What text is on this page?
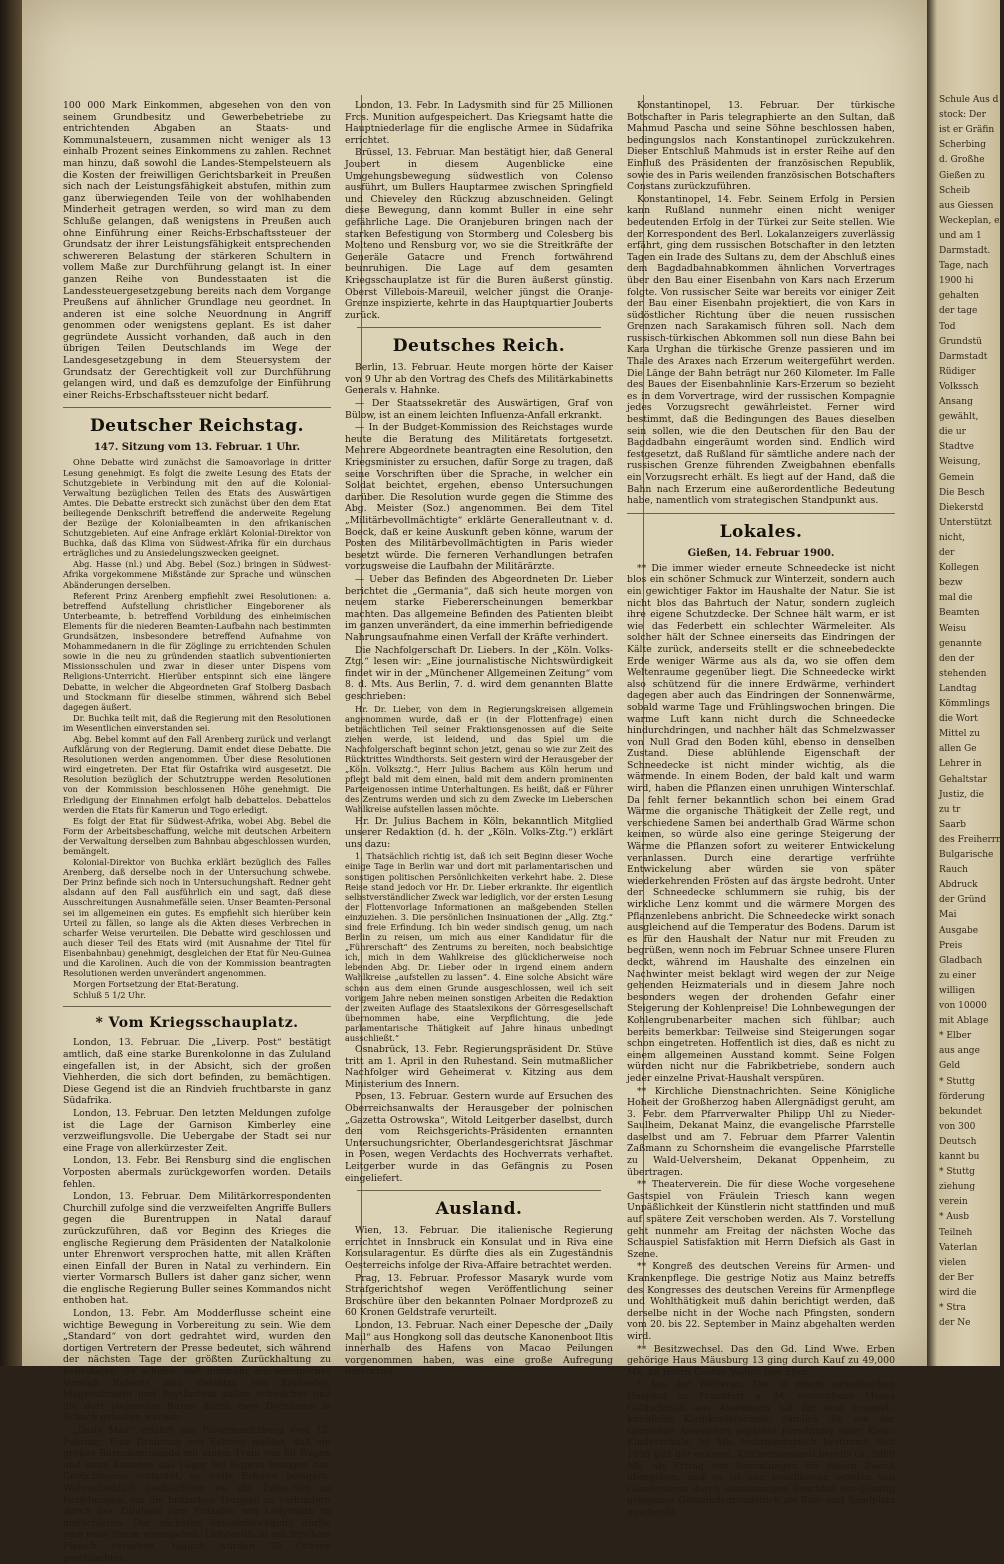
100 000 Mark Einkommen, abgesehen von den von seinem Grundbesitz und Gewerbebetriebe zu entrichtenden Abgaben an Staats- und Kommunalsteuern, zusammen nicht weniger als 13 einhalb Prozent seines Einkommens zu zahlen. Rechnet man hinzu, daß sowohl die Landes-Stempelsteuern als die Kosten der freiwilligen Gerichtsbarkeit in Preußen sich nach der Leistungsfähigkeit abstufen, mithin zum ganz überwiegenden Teile von der wohlhabenden Minderheit getragen werden, so wird man zu dem Schluße gelangen, daß wenigstens in Preußen auch ohne Einführung einer Reichs-Erbschaftssteuer der Grundsatz der ihrer Leistungsfähigkeit entsprechenden schwereren Belastung der stärkeren Schultern in vollem Maße zur Durchführung gelangt ist. In einer ganzen Reihe von Bundesstaaten ist die Landessteuergesetzgebung bereits nach dem Vorgange Preußens auf ähnlicher Grundlage neu geordnet. In anderen ist eine solche Neuordnung in Angriff genommen oder wenigstens geplant. Es ist daher gegründete Aussicht vorhanden, daß auch in den übrigen Teilen Deutschlands im Wege der Landesgesetzgebung in dem Steuersystem der Grundsatz der Gerechtigkeit voll zur Durchführung gelangen wird, und daß es demzufolge der Einführung einer Reichs-Erbschaftssteuer nicht bedarf.

Deutscher Reichstag.
147. Sitzung vom 13. Februar. 1 Uhr.

Ohne Debatte wird zunächst die Samoavorlage in dritter Lesung genehmigt. Es folgt die zweite Lesung des Etats der Schutzgebiete in Verbindung mit den auf die Kolonial-Verwaltung bezüglichen Teilen des Etats des Auswärtigen Amtes. Die Debatte erstreckt sich zunächst über den dem Etat beiliegende Denkschrift betreffend die anderweite Regelung der Bezüge der Kolonialbeamten in den afrikanischen Schutzgebieten. Auf eine Anfrage erklärt Kolonial-Direktor von Buchka, daß das Klima von Südwest-Afrika für ein durchaus erträgliches und zu Ansiedelungszwecken geeignet.

Abg. Hasse (nl.) und Abg. Bebel (Soz.) bringen in Südwest-Afrika vorgekommene Mißstände zur Sprache und wünschen Abänderungen derselben.

Referent Prinz Arenberg empfiehlt zwei Resolutionen: a. betreffend Aufstellung christlicher Eingeborener als Unterbeamte, b. betreffend Vorbildung des einheimischen Elements für die niederen Beamten-Laufbahn nach bestimmten Grundsätzen, insbesondere betreffend Aufnahme von Mohammedanern in die für Zöglinge zu errichtenden Schulen sowie in die neu zu gründenden staatlich subventionierten Missionsschulen und zwar in dieser unter Dispens vom Religions-Unterricht. Hierüber entspinnt sich eine längere Debatte, in welcher die Abgeordneten Graf Stolberg Dasbach und Stockmann für dieselbe stimmen, während sich Bebel dagegen äußert.

Dr. Buchka teilt mit, daß die Regierung mit den Resolutionen im Wesentlichen einverstanden sei.

Abg. Bebel kommt auf den Fall Arenberg zurück und verlangt Aufklärung von der Regierung. Damit endet diese Debatte. Die Resolutionen werden angenommen. Über diese Resolutionen wird eingetreten. Der Etat für Ostafrika wird ausgesetzt. Die Resolution bezüglich der Schutztruppe werden Resolutionen von der Kommission beschlossenen Höhe genehmigt. Die Erledigung der Einnahmen erfolgt halb debattelos. Debattelos werden die Etats für Kamerun und Togo erledigt.

Es folgt der Etat für Südwest-Afrika, wobei Abg. Bebel die Form der Arbeitsbeschaffung, welche mit deutschen Arbeitern der Verwaltung derselben zum Bahnbau abgeschlossen wurden, bemängelt.

Kolonial-Direktor von Buchka erklärt bezüglich des Falles Arenberg, daß derselbe noch in der Untersuchung schwebe. Der Prinz befinde sich noch in Untersuchungshaft. Redner geht alsdann auf den Fall ausführlich ein und sagt, daß diese Ausschreitungen Ausnahmefälle seien. Unser Beamten-Personal sei im allgemeinen ein gutes. Es empfiehlt sich hierüber kein Urteil zu fällen, so lange als die Akten dieses Verbrechen in scharfer Weise verurteilen. Die Debatte wird geschlossen und auch dieser Teil des Etats wird (mit Ausnahme der Titel für Eisenbahnbau) genehmigt, desgleichen der Etat für Neu-Guinea und die Karolinen. Auch die von der Kommission beantragten Resolutionen werden unverändert angenommen.

Morgen Fortsetzung der Etat-Beratung.

Schluß 5 1/2 Uhr.

* Vom Kriegsschauplatz.

London, 13. Februar. Die „Liverp. Post“ bestätigt amtlich, daß eine starke Burenkolonne in das Zululand eingefallen ist, in der Absicht, sich der großen Viehherden, die sich dort befinden, zu bemächtigen. Diese Gegend ist die an Rindvieh fruchtbarste in ganz Südafrika.

London, 13. Februar. Den letzten Meldungen zufolge ist die Lage der Garnison Kimberley eine verzweiflungsvolle. Die Uebergabe der Stadt sei nur eine Frage von allerkürzester Zeit.

London, 13. Febr. Bei Rensburg sind die englischen Vorposten abermals zurückgeworfen worden. Details fehlen.

London, 13. Februar. Dem Militärkorrespondenten Churchill zufolge sind die verzweifelten Angriffe Bullers gegen die Burentruppen in Natal darauf zurückzuführen, daß vor Beginn des Krieges die englische Regierung dem Präsidenten der Natalkolonie unter Ehrenwort versprochen hatte, mit allen Kräften einen Einfall der Buren in Natal zu verhindern. Ein vierter Vormarsch Bullers ist daher ganz sicher, wenn die englische Regierung Buller seines Kommandos nicht enthoben hat.

London, 13. Febr. Am Modderflusse scheint eine wichtige Bewegung in Vorbereitung zu sein. Wie dem „Standard“ von dort gedrahtet wird, wurden den dortigen Vertretern der Presse bedeutet, sich während der nächsten Tage der größten Zurückhaltung zu befleißigen. Es scheint, daß nunmehr ein energischer Vorstoß Roberts zum Entsatze von Kimberley, Magersfontein und Spytfontein sollen schwächer und die dort stehenden Buren durch zwei Divisionen in Schach gehalten werden.

„Daily Mail“ erfährt aus Pietermaritzburg vom 12. Februar: Eine Drahtung von Eshowe meldet, daß ein großes Burenkommando mit einem Train von 80 Wagen und neun Kanonen das Lager bei Nqueta bezogen hat. Gerüchtweise verlautet, es wolle Eshowe belagern. Wahrscheinlich beabsichtige es, die Zulus-Süd zu beziehungen, um die britischen Truppen zu verhindern durch das Zululand zum Entsatze von Ladysmith zu marschieren. Der nächsten Entsatzbewegung dürfte eine neue Pause vorangehen. Ladysmith ist mit frischem Fleisch versehen, täglich würden 30 Ochsen geschlachtet.

London, 13. Febr. In Ladysmith sind für 25 Millionen Frcs. Munition aufgespeichert. Das Kriegsamt hatte die Hauptniederlage für die englische Armee in Südafrika errichtet.

Brüssel, 13. Februar. Man bestätigt hier, daß General Joubert in diesem Augenblicke eine Umgehungsbewegung südwestlich von Colenso ausführt, um Bullers Hauptarmee zwischen Springfield und Chieveley den Rückzug abzuschneiden. Gelingt diese Bewegung, dann kommt Buller in eine sehr gefährliche Lage. Die Oranjeburen bringen nach der starken Befestigung von Stormberg und Colesberg bis Molteno und Rensburg vor, wo sie die Streitkräfte der Generäle Gatacre und French fortwährend beunruhigen. Die Lage auf dem gesamten Kriegsschauplatze ist für die Buren äußerst günstig. Oberst Villebois-Mareuil, welcher jüngst die Oranje-Grenze inspizierte, kehrte in das Hauptquartier Jouberts zurück.

Deutsches Reich.

Berlin, 13. Februar. Heute morgen hörte der Kaiser von 9 Uhr ab den Vortrag des Chefs des Militärkabinetts Generals v. Hahnke.

— Der Staatssekretär des Auswärtigen, Graf von Bülow, ist an einem leichten Influenza-Anfall erkrankt.

— In der Budget-Kommission des Reichstages wurde heute die Beratung des Militäretats fortgesetzt. Mehrere Abgeordnete beantragten eine Resolution, den Kriegsminister zu ersuchen, dafür Sorge zu tragen, daß seine Vorschriften über die Sprache, in welcher ein Soldat beichtet, ergehen, ebenso Untersuchungen darüber. Die Resolution wurde gegen die Stimme des Abg. Meister (Soz.) angenommen. Bei dem Titel „Militärbevollmächtigte“ erklärte Generalleutnant v. d. Boeck, daß er keine Auskunft geben könne, warum der Posten des Militärbevollmächtigten in Paris wieder besetzt würde. Die ferneren Verhandlungen betrafen vorzugsweise die Laufbahn der Militärärzte.

— Ueber das Befinden des Abgeordneten Dr. Lieber berichtet die „Germania“, daß sich heute morgen von neuem starke Fiebererscheinungen bemerkbar machten. Das allgemeine Befinden des Patienten bleibt im ganzen unverändert, da eine immerhin befriedigende Nahrungsaufnahme einen Verfall der Kräfte verhindert.

Die Nachfolgerschaft Dr. Liebers. In der „Köln. Volks-Ztg.“ lesen wir: „Eine journalistische Nichtswürdigkeit findet wir in der „Münchener Allgemeinen Zeitung“ vom 8. d. Mts. Aus Berlin, 7. d. wird dem genannten Blatte geschrieben:

Hr. Dr. Lieber, von dem in Regierungskreisen allgemein angenommen wurde, daß er (in der Flottenfrage) einen beträchtlichen Teil seiner Fraktionsgenossen auf die Seite ziehen werde, ist leidend, und das Spiel um die Nachfolgerschaft beginnt schon jetzt, genau so wie zur Zeit des Rücktrittes Windthorsts. Seit gestern wird der Herausgeber der „Köln. Volksztg.“, Herr Julius Bachem aus Köln herum und pflegt bald mit dem einen, bald mit dem andern prominenten Parteigenossen intime Unterhaltungen. Es heißt, daß er Führer des Zentrums werden und sich zu dem Zwecke im Lieberschen Wahlkreise aufstellen lassen möchte.

Hr. Dr. Julius Bachem in Köln, bekanntlich Mitglied unserer Redaktion (d. h. der „Köln. Volks-Ztg.“) erklärt uns dazu:

1. Thatsächlich richtig ist, daß ich seit Beginn dieser Woche einige Tage in Berlin war und dort mit parlamentarischen und sonstigen politischen Persönlichkeiten verkehrt habe. 2. Diese Reise stand jedoch vor Hr. Dr. Lieber erkrankte. Ihr eigentlich selbstverständlicher Zweck war lediglich, vor der ersten Lesung der Flottenvorlage Informationen an maßgebenden Stellen einzuziehen. 3. Die persönlichen Insinuationen der „Allg. Ztg.“ sind freie Erfindung. Ich bin weder sindisch genug, um nach Berlin zu reisen, um mich aus einer Kandidatur für die „Führerschaft“ des Zentrums zu bereiten, noch beabsichtige ich, mich in dem Wahlkreise des glücklicherweise noch lebenden Abg. Dr. Lieber oder in irgend einem andern Wahlkreise „aufstellen zu lassen“. 4. Eine solche Absicht wäre schon aus dem einen Grunde ausgeschlossen, weil ich seit vorigem Jahre neben meinen sonstigen Arbeiten die Redaktion der zweiten Auflage des Staatslexikons der Görresgesellschaft übernommen habe, eine Verpflichtung, die jede parlamentarische Thätigkeit auf Jahre hinaus unbedingt ausschließt.“

Osnabrück, 13. Febr. Regierungspräsident Dr. Stüve tritt am 1. April in den Ruhestand. Sein mutmaßlicher Nachfolger wird Geheimerat v. Kitzing aus dem Ministerium des Innern.

Posen, 13. Februar. Gestern wurde auf Ersuchen des Oberreichsanwalts der Herausgeber der polnischen „Gazetta Ostrowska“, Witold Leitgerber daselbst, durch den vom Reichsgerichts-Präsidenten ernannten Untersuchungsrichter, Oberlandesgerichtsrat Jäschmar in Posen, wegen Verdachts des Hochverrats verhaftet. Leitgerber wurde in das Gefängnis zu Posen eingeliefert.

Ausland.

Wien, 13. Februar. Die italienische Regierung errichtet in Innsbruck ein Konsulat und in Riva eine Konsularagentur. Es dürfte dies als ein Zugeständnis Oesterreichs infolge der Riva-Affaire betrachtet werden.

Prag, 13. Februar. Professor Masaryk wurde vom Strafgerichtshof wegen Veröffentlichung seiner Broschüre über den bekannten Polnaer Mordprozeß zu 60 Kronen Geldstrafe verurteilt.

London, 13. Februar. Nach einer Depesche der „Daily Mail“ aus Hongkong soll das deutsche Kanonenboot Iltis innerhalb des Hafens von Macao Peilungen vorgenommen haben, was eine große Aufregung hervorrief.

Konstantinopel, 13. Februar. Der türkische Botschafter in Paris telegraphierte an den Sultan, daß Mahmud Pascha und seine Söhne beschlossen haben, bedingungslos nach Konstantinopel zurückzukehren. Dieser Entschluß Mahmuds ist in erster Reihe auf den Einfluß des Präsidenten der französischen Republik, sowie des in Paris weilenden französischen Botschafters Constans zurückzuführen.

Konstantinopel, 14. Febr. Seinem Erfolg in Persien kann Rußland nunmehr einen nicht weniger bedeutenden Erfolg in der Türkei zur Seite stellen. Wie der Korrespondent des Berl. Lokalanzeigers zuverlässig erfährt, ging dem russischen Botschafter in den letzten Tagen ein Irade des Sultans zu, dem der Abschluß eines dem Bagdadbahnabkommen ähnlichen Vorvertrages über den Bau einer Eisenbahn von Kars nach Erzerum folgte. Von russischer Seite war bereits vor einiger Zeit der Bau einer Eisenbahn projektiert, die von Kars in südöstlicher Richtung über die neuen russischen Grenzen nach Sarakamisch führen soll. Nach dem russisch-türkischen Abkommen soll nun diese Bahn bei Kara Urghan die türkische Grenze passieren und im Thale des Araxes nach Erzerum weitergeführt werden. Die Länge der Bahn beträgt nur 260 Kilometer. Im Falle des Baues der Eisenbahnlinie Kars-Erzerum so bezieht es in dem Vorvertrage, wird der russischen Kompagnie jedes Vorzugsrecht gewährleistet. Ferner wird bestimmt, daß die Bedingungen des Baues dieselben sein sollen, wie die den Deutschen für den Bau der Bagdadbahn eingeräumt worden sind. Endlich wird festgesetzt, daß Rußland für sämtliche andere nach der russischen Grenze führenden Zweigbahnen ebenfalls ein Vorzugsrecht erhält. Es liegt auf der Hand, daß die Bahn nach Erzerum eine außerordentliche Bedeutung habe, namentlich vom strategischen Standpunkt aus.

Lokales.
Gießen, 14. Februar 1900.

** Die immer wieder erneute Schneedecke ist nicht blos ein schöner Schmuck zur Winterzeit, sondern auch ein gewichtiger Faktor im Haushalte der Natur. Sie ist nicht blos das Bahrtuch der Natur, sondern zugleich ihre eigene Schutzdecke. Der Schnee hält warm, er ist wie das Federbett ein schlechter Wärmeleiter. Als solcher hält der Schnee einerseits das Eindringen der Kälte zurück, anderseits stellt er die schneebedeckte Erde weniger Wärme aus als da, wo sie offen dem Weltenraume gegenüber liegt. Die Schneedecke wirkt also schützend für die innere Erdwärme, verhindert dagegen aber auch das Eindringen der Sonnenwärme, sobald warme Tage und Frühlingswochen bringen. Die warme Luft kann nicht durch die Schneedecke hindurchdringen, und nachher hält das Schmelzwasser von Null Grad den Boden kühl, ebenso in denselben Zustand. Diese ablühlende Eigenschaft der Schneedecke ist nicht minder wichtig, als die wärmende. In einem Boden, der bald kalt und warm wird, haben die Pflanzen einen unruhigen Winterschlaf. Da fehlt ferner bekanntlich schon bei einem Grad Wärme die organische Thätigkeit der Zelle regt, und verschiedene Samen bei anderthalb Grad Wärme schon keimen, so würde also eine geringe Steigerung der Wärme die Pflanzen sofort zu weiterer Entwickelung veranlassen. Durch eine derartige verfrühte Entwickelung aber würden sie von später wiederkehrenden Frösten auf das ärgste bedroht. Unter der Schneedecke schlummern sie ruhig, bis der wirkliche Lenz kommt und die wärmere Morgen des Pflanzenlebens anbricht. Die Schneedecke wirkt sonach ausgleichend auf die Temperatur des Bodens. Darum ist es für den Haushalt der Natur nur mit Freuden zu begrüßen, wenn noch im Februar Schnee unsere Fluren deckt, während im Haushalte des einzelnen ein Nachwinter meist beklagt wird wegen der zur Neige gehenden Heizmaterials und in diesem Jahre noch besonders wegen der drohenden Gefahr einer Steigerung der Kohlenpreise! Die Lohnbewegungen der Kohlengrubenarbeiter machen sich fühlbar; auch bereits bemerkbar: Teilweise sind Steigerungen sogar schon eingetreten. Hoffentlich ist dies, daß es nicht zu einem allgemeinen Ausstand kommt. Seine Folgen würden nicht nur die Fabrikbetriebe, sondern auch jeder einzelne Privat-Haushalt verspüren.

** Kirchliche Dienstnachrichten. Seine Königliche Hoheit der Großherzog haben Allergnädigst geruht, am 3. Febr. dem Pfarrverwalter Philipp Uhl zu Nieder-Saulheim, Dekanat Mainz, die evangelische Pfarrstelle daselbst und am 7. Februar dem Pfarrer Valentin Zaßmann zu Schornsheim die evangelische Pfarrstelle zu Wald-Uelversheim, Dekanat Oppenheim, zu übertragen.

** Theaterverein. Die für diese Woche vorgesehene Gastspiel von Fräulein Triesch kann wegen Unpäßlichkeit der Künstlerin nicht stattfinden und muß auf spätere Zeit verschoben werden. Als 7. Vorstellung geht nunmehr am Freitag der nächsten Woche das Schauspiel Satisfaktion mit Herrn Diefsich als Gast in Szene.

** Kongreß des deutschen Vereins für Armen- und Krankenpflege. Die gestrige Notiz aus Mainz betreffs des Kongresses des deutschen Vereins für Armenpflege und Wohlthätigkeit muß dahin berichtigt werden, daß derselbe nicht in der Woche nach Pfingsten, sondern vom 20. bis 22. September in Mainz abgehalten werden wird.

** Besitzwechsel. Das den Gd. Lind Wwe. Erben gehörige Haus Mäusburg 13 ging durch Kauf zu 49,000 Mk. an Herrn Gustav Walter hier über.

* Aus der Wetterau. Der in einem israelitischen Hospital zu Frankfurt a. M. verstorbene Moses Goldschmidt aus Assenheim hat für eine evangel.-kirchliche Kleinkinderschule, nämlich die von der Gemeinde Assenheim geplante Errichtung einer Klein-Kinderschule, 50 Mk. testamentarisch bestimmt. Seit 1895 gibt der evangel. Kirchenvorstand bereits ca. 5000 Mk. als Ertrag von Sammlungen für diesen Zweck übergeben, und es ist nun beschlossen worden von Gemeinderat durch einstimmigen Beschluß ein günstig gelegenes Gemeindegrundstück als Bau- und Spielplatz geschenkt.

Schule Aus d
stock: Der
ist er Gräfin
Scherbing
d. Großhe
Gießen zu
Scheib
aus Giessen
Weckeplan, er
und am 1
Darmstadt.
Tage, nach
1900 hi
gehalten
der tage
Tod
Grundstü
Darmstadt
Rüdiger
Volkssch
Ansang
gewählt,
die ur
Stadtve
Weisung,
Gemein
Die Besch
Diekerstd
Unterstützt
nicht,
der
Kollegen
bezw
mal die
Beamten
Weisu
genannte
den der
stehenden
Landtag
Kömmlings
die Wort
Mittel zu
allen Ge
Lehrer in
Gehaltstar
Justiz, die
zu tr
Saarb
des Freiherrn
Bulgarische
Rauch
Abdruck
der Gründ
Mai
Ausgabe
Preis
Gladbach
zu einer
willigen
von 10000
mit Ablage
* Elber
aus ange
Geld
* Stuttg
förderung
bekundet
von 300
Deutsch
kannt bu
* Stuttg
ziehung
verein
* Ausb
Teilneh
Vaterlan
vielen
der Ber
wird die
* Stra
der Ne
